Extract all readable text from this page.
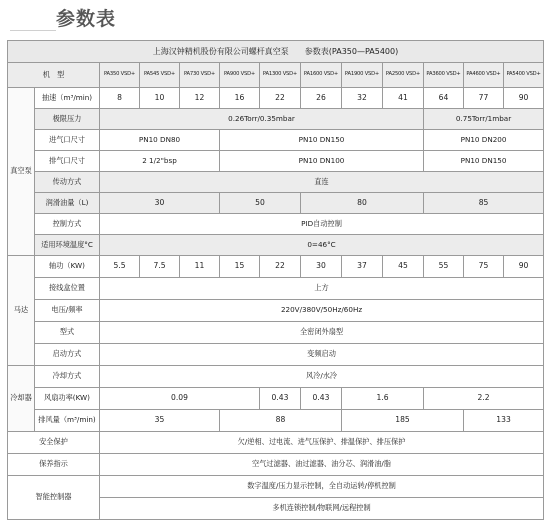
参数表
上海汉钟精机股份有限公司螺杆真空泵　　参数表(PA350—PA5400)												
机　型		PA350 VSD+	PA545 VSD+	PA730 VSD+	PA900 VSD+	PA1300 VSD+	PA1600 VSD+	PA1900 VSD+	PA2500 VSD+	PA3600 VSD+	PA4600 VSD+	PA5400 VSD+
真空泵	抽速（m³/min)	8	10	12	16	22	26	32	41	64	77	90
	极限压力	0.26Torr/0.35mbar								0.75Torr/1mbar		
	进气口尺寸	PN10 DN80			PN10 DN150					PN10 DN200		
	排气口尺寸	2 1/2"bsp			PN10 DN100					PN10 DN150		
	传动方式	直连										
	润滑油量（L)	30			50		80			85		
	控制方式	PID自动控制										
	适用环境温度°C	0=46°C										
马达	轴功（KW)	5.5	7.5	11	15	22	30	37	45	55	75	90
	接线盒位置	上方										
	电压/频率	220V/380V/50Hz/60Hz										
	型式	全密闭外扇型										
	启动方式	变频启动										
冷却器	冷却方式	风冷/水冷										
	风扇功率(KW)	0.09				0.43	0.43	1.6		2.2		
	排风量（m³/min)	35			88			185			133	
安全保护		欠/逆相、过电流、进气压保护、排温保护、排压保护										
保养指示		空气过滤器、油过滤器、油分芯、润滑油/脂										
智能控制器		数字温度/压力显示控制，全自动运转/停机控制										
		多机连锁控制/物联网/远程控制										
